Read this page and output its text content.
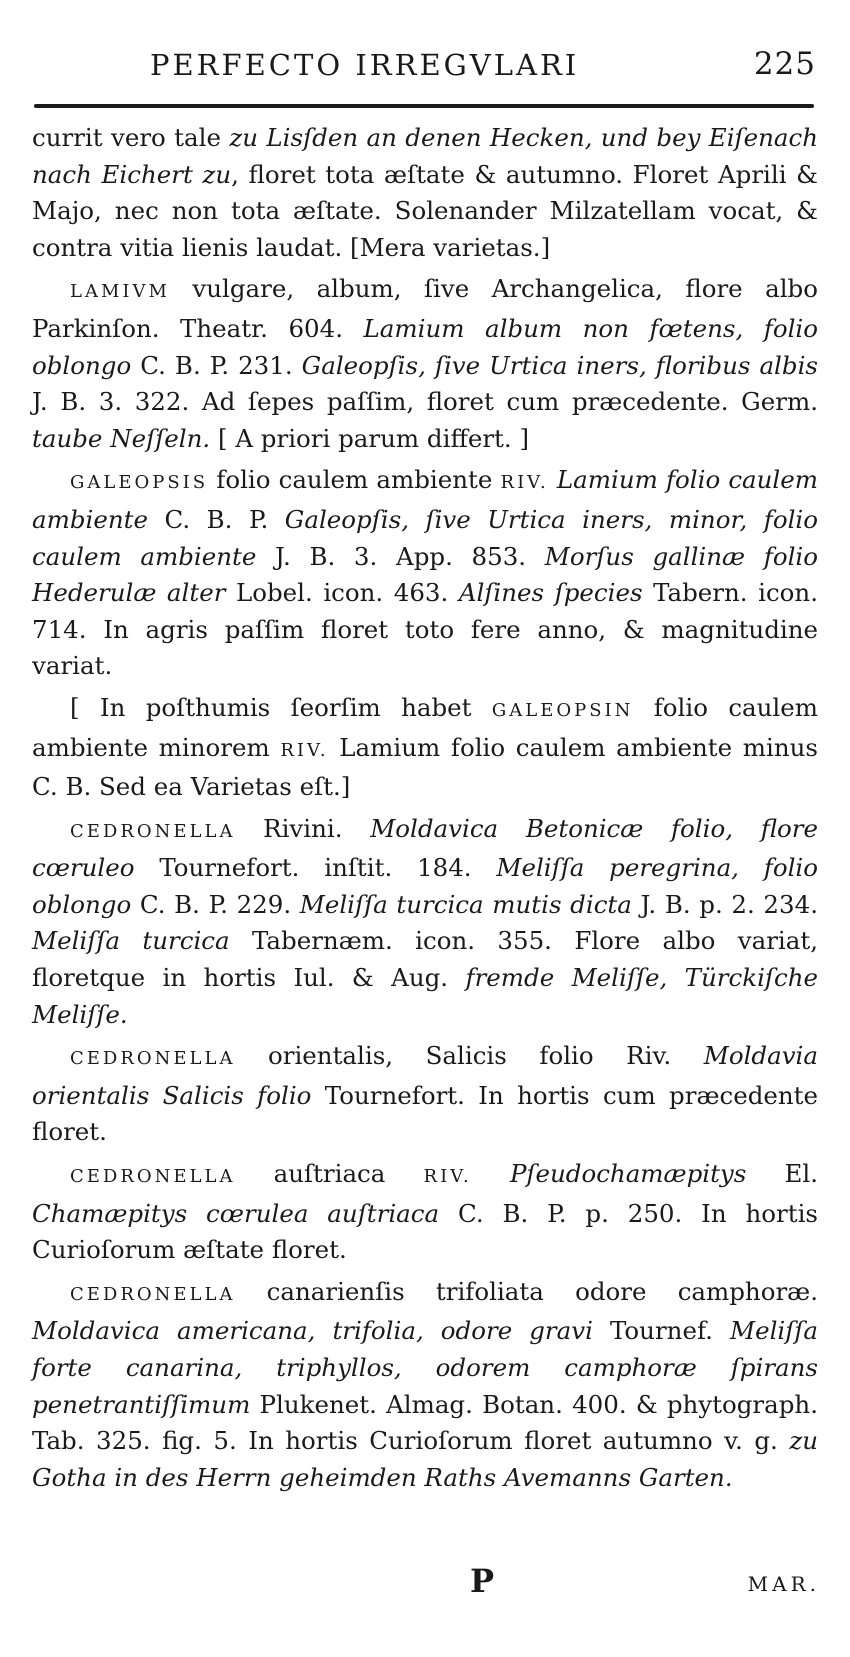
PERFECTO IRREGVLARI	225

currit vero tale zu Lisſden an denen Hecken, und bey Eiſenach nach Eichert zu, floret tota æſtate & autumno. Floret Aprili & Majo, nec non tota æſtate. Solenander Milzatellam vocat, & contra vitia lienis laudat. [Mera varietas.]

LAMIVM vulgare, album, ſive Archangelica, flore albo Parkinſon. Theatr. 604. Lamium album non fœtens, folio oblongo C. B. P. 231. Galeopſis, ſive Urtica iners, floribus albis J. B. 3. 322. Ad ſepes paſſim, floret cum præcedente. Germ. taube Neſſeln. [ A priori parum differt. ]

GALEOPSIS folio caulem ambiente RIV. Lamium folio caulem ambiente C. B. P. Galeopſis, ſive Urtica iners, minor, folio caulem ambiente J. B. 3. App. 853. Morſus gallinæ folio Hederulæ alter Lobel. icon. 463. Alſines ſpecies Tabern. icon. 714. In agris paſſim floret toto fere anno, & magnitudine variat.

[ In poſthumis ſeorſim habet GALEOPSIN folio caulem ambiente minorem RIV. Lamium folio caulem ambiente minus C. B. Sed ea Varietas eſt.]

CEDRONELLA Rivini. Moldavica Betonicæ folio, flore cœruleo Tournefort. inſtit. 184. Meliſſa peregrina, folio oblongo C. B. P. 229. Meliſſa turcica mutis dicta J. B. p. 2. 234. Meliſſa turcica Tabernæm. icon. 355. Flore albo variat, floretque in hortis Iul. & Aug. fremde Meliſſe, Türckiſche Meliſſe.

CEDRONELLA orientalis, Salicis folio Riv. Moldavia orientalis Salicis folio Tournefort. In hortis cum præcedente floret.

CEDRONELLA auſtriaca RIV. Pſeudochamæpitys El. Chamæpitys cœrulea auſtriaca C. B. P. p. 250. In hortis Curioſorum æſtate floret.

CEDRONELLA canarienſis trifoliata odore camphoræ. Moldavica americana, trifolia, odore gravi Tournef. Meliſſa forte canarina, triphyllos, odorem camphoræ ſpirans penetrantiſſimum Plukenet. Almag. Botan. 400. & phytograph. Tab. 325. fig. 5. In hortis Curioſorum floret autumno v. g. zu Gotha in des Herrn geheimden Raths Avemanns Garten.

P	MAR.
